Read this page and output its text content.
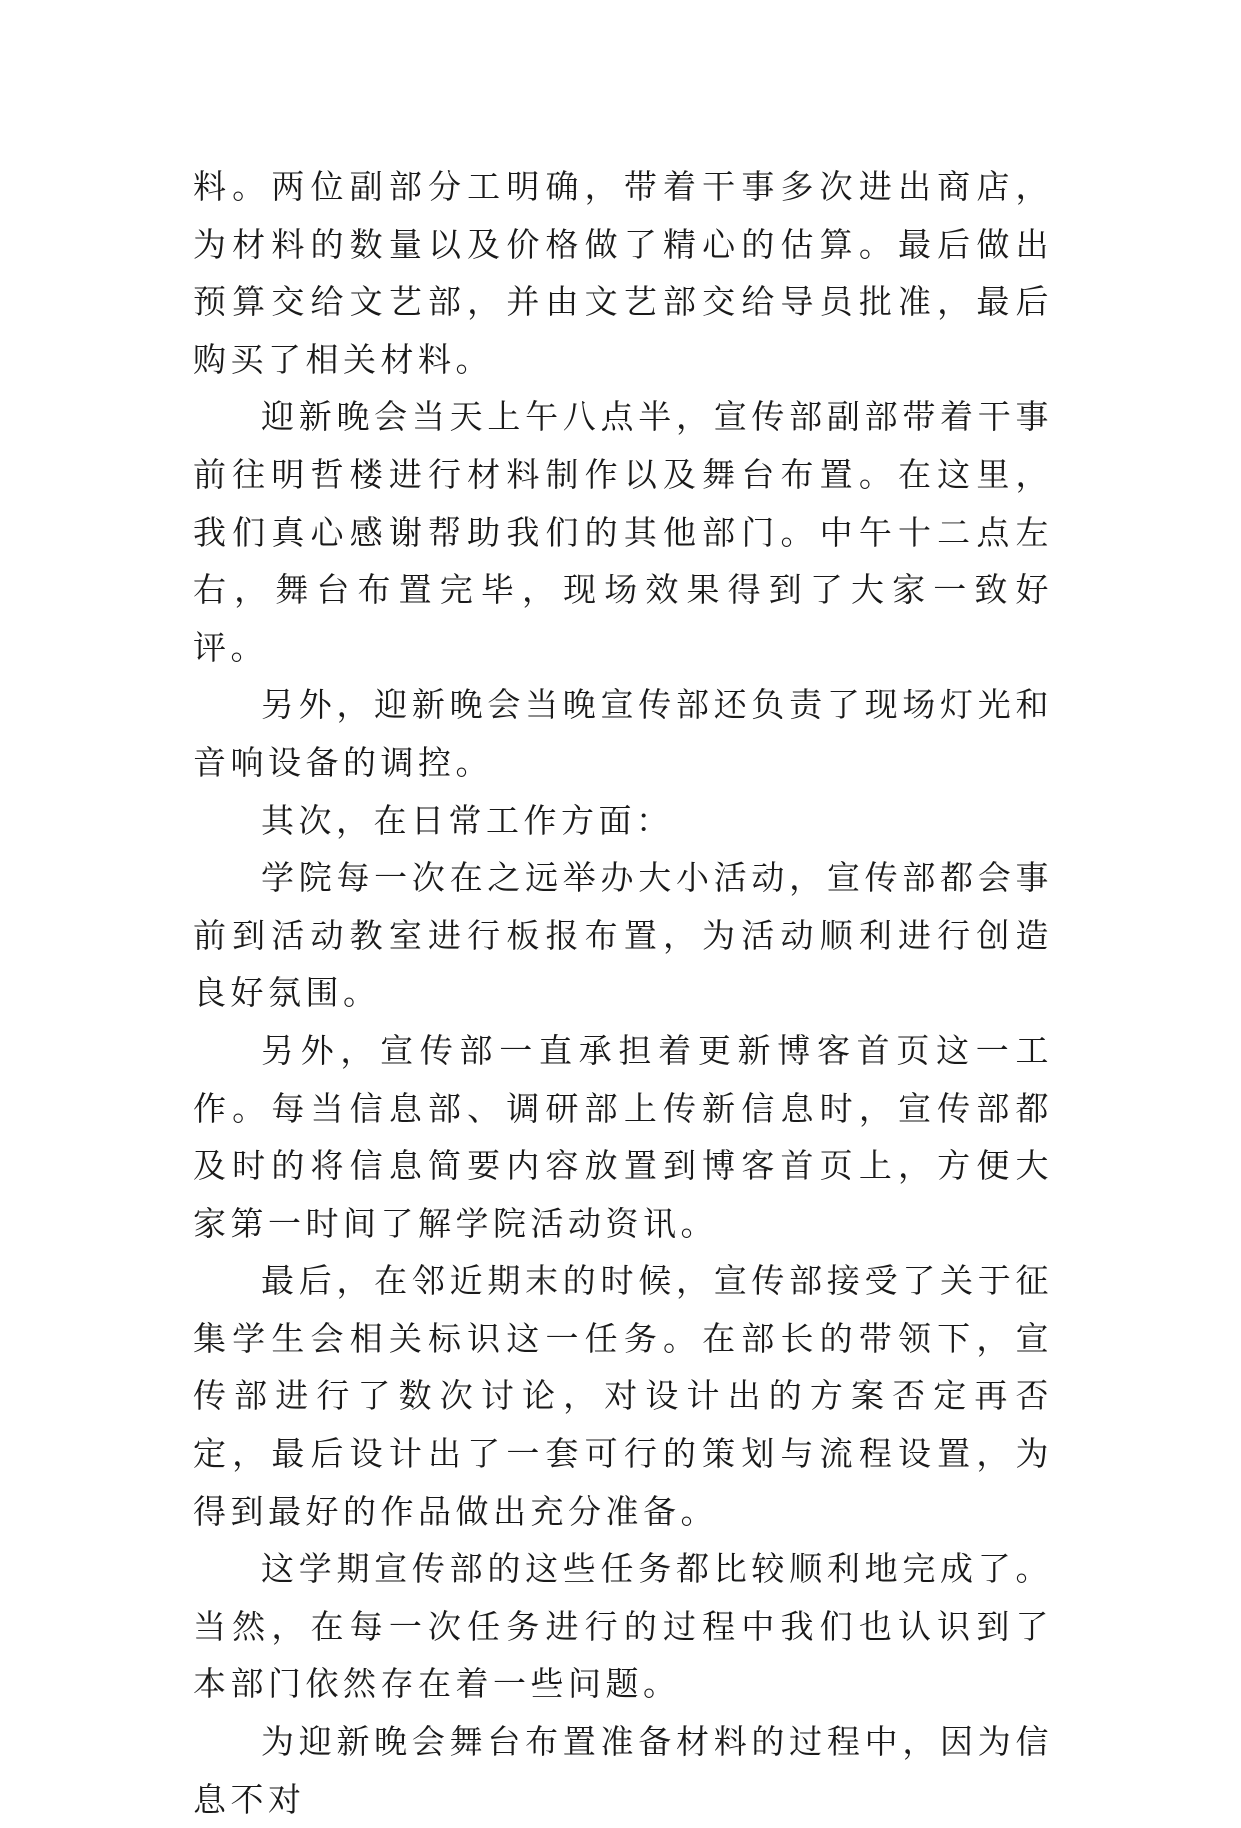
料。两位副部分工明确，带着干事多次进出商店，为材料的数量以及价格做了精心的估算。最后做出预算交给文艺部，并由文艺部交给导员批准，最后购买了相关材料。

迎新晚会当天上午八点半，宣传部副部带着干事前往明哲楼进行材料制作以及舞台布置。在这里，我们真心感谢帮助我们的其他部门。中午十二点左右，舞台布置完毕，现场效果得到了大家一致好评。

另外，迎新晚会当晚宣传部还负责了现场灯光和音响设备的调控。

其次，在日常工作方面：

学院每一次在之远举办大小活动，宣传部都会事前到活动教室进行板报布置，为活动顺利进行创造良好氛围。

另外，宣传部一直承担着更新博客首页这一工作。每当信息部、调研部上传新信息时，宣传部都及时的将信息简要内容放置到博客首页上，方便大家第一时间了解学院活动资讯。

最后，在邻近期末的时候，宣传部接受了关于征集学生会相关标识这一任务。在部长的带领下，宣传部进行了数次讨论，对设计出的方案否定再否定，最后设计出了一套可行的策划与流程设置，为得到最好的作品做出充分准备。

这学期宣传部的这些任务都比较顺利地完成了。当然，在每一次任务进行的过程中我们也认识到了本部门依然存在着一些问题。

为迎新晚会舞台布置准备材料的过程中，因为信息不对
